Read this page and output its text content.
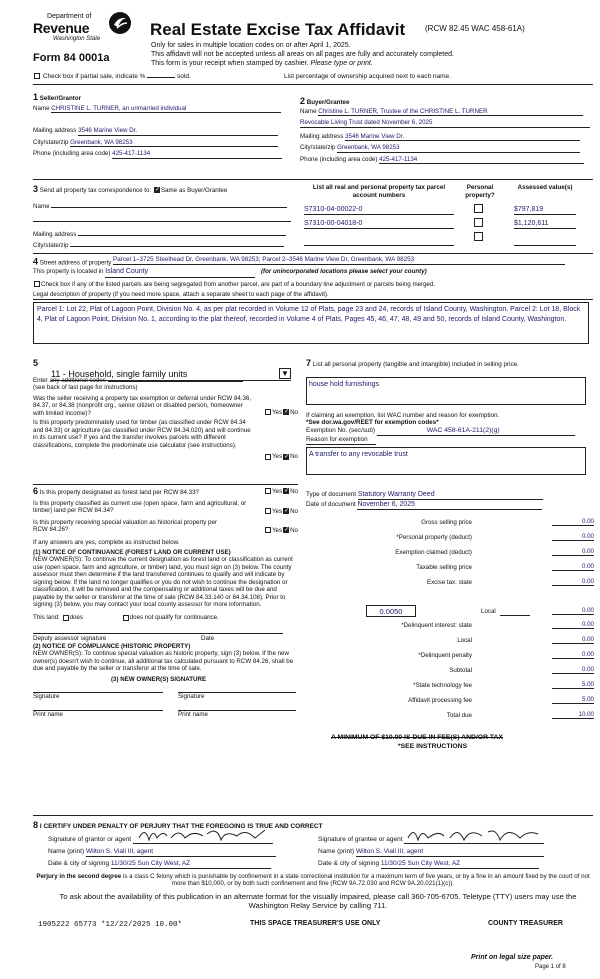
Department of
Revenue
Washington State
Form 84 0001a
Real Estate Excise Tax Affidavit (RCW 82.45 WAC 458-61A)
Only for sales in multiple location codes on or after April 1, 2025.
This affidavit will not be accepted unless all areas on all pages are fully and accurately completed.
This form is your receipt when stamped by cashier. Please type or print.
Check box if partial sale, indicate %	sold.	List percentage of ownership acquired next to each name.
1 Seller/Grantor
Name CHRISTINE L. TURNER, an unmarried individual
Mailing address 3546 Marine View Dr.
City/state/zip Greenbank, WA 98253
Phone (including area code) 425-417-1134
2 Buyer/Grantee
Name Christine L. TURNER, Trustee of the CHRISTINE L. TURNER
Revocable Living Trust dated November 6, 2025
Mailing address 3546 Marine View Dr.
City/state/zip Greenbank, WA 98253
Phone (including area code) 425-417-1134
3 Send all property tax correspondence to: ✓ Same as Buyer/Grantee
Name
Mailing address
City/state/zip
List all real and personal property tax parcel account numbers
Personal property?
Assessed value(s)
S7310-04-00022-0	$797,819
S7310-00-04018-0	$1,120,611
4 Street address of property Parcel 1–3725 Steelhead Dr, Greenbank, WA 98253; Parcel 2–3546 Marine View Dr, Greenbank, WA 98253
This property is located in Island County	(for unincorporated locations please select your county)
Check box if any of the listed parcels are being segregated from another parcel, are part of a boundary line adjustment or parcels being merged.
Legal description of property (if you need more space, attach a separate sheet to each page of the affidavit).
Parcel 1: Lot 22, Plat of Lagoon Point, Division No. 4, as per plat recorded in Volume 12 of Plats, page 23 and 24, records of Island County, Washington. Parcel 2: Lot 18, Block 4, Plat of Lagoon Point, Division No. 1, according to the plat thereof, recorded in Volume 4 of Plats, Pages 45, 46, 47, 48, 49 and 50, records of Island County, Washington.
5 11 - Household, single family units	▼
Enter any additional codes
(see back of last page for instructions)
Was the seller receiving a property tax exemption or deferral under RCW 84.36, 84.37, or 84.38 (nonprofit org., senior citizen or disabled person, homeowner with limited income)?	Yes ✓ No
Is this property predominately used for timber (as classified under RCW 84.34 and 84.33) or agriculture (as classified under RCW 84.34.020) and will continue in its current use? If yes and the transfer involves parcels with different classifications, complete the predominate use calculator (see instructions).
Yes ✓ No
6 Is this property designated as forest land per RCW 84.33?	Yes ✓ No
Is this property classified as current use (open space, farm and agricultural, or timber) land per RCW 84.34?	Yes ✓ No
Is this property receiving special valuation as historical property per RCW 84.26?	Yes ✓ No
If any answers are yes, complete as instructed below.
(1) NOTICE OF CONTINUANCE (FOREST LAND OR CURRENT USE)
NEW OWNER(S): To continue the current designation as forest land or classification as current use (open space, farm and agriculture, or timber) land, you must sign on (3) below. The county assessor must then determine if the land transferred continues to qualify and will indicate by signing below. If the land no longer qualifies or you do not wish to continue the designation or classification, it will be removed and the compensating or additional taxes will be due and payable by the seller or transferor at the time of sale (RCW 84.33.140 or 84.34.108). Prior to signing (3) below, you may contact your local county assessor for more information.
This land: does	does not qualify for continuance.
Deputy assessor signature	Date
(2) NOTICE OF COMPLIANCE (HISTORIC PROPERTY)
NEW OWNER(S): To continue special valuation as historic property, sign (3) below. If the new owner(s) doesn't wish to continue, all additional tax calculated pursuant to RCW 84.26, shall be due and payable by the seller or transferor at the time of sale.
(3) NEW OWNER(S) SIGNATURE
Signature	Signature
Print name	Print name
7 List all personal property (tangible and intangible) included in selling price.
house hold furnishings
If claiming an exemption, list WAC number and reason for exemption.
*See dor.wa.gov/REET for exemption codes*
Exemption No. (sec/sub)	WAC 458-61A-211(2)(g)
Reason for exemption
A transfer to any revocable trust
Type of document Statutory Warranty Deed
Date of document November 6, 2025
Gross selling price	0.00
*Personal property (deduct)	0.00
Exemption claimed (deduct)	0.00
Taxable selling price	0.00
Excise tax: state	0.00
0.0050	Local	0.00
*Delinquent interest: state	0.00
Local	0.00
*Delinquent penalty	0.00
Subtotal	0.00
*State technology fee	5.00
Affidavit processing fee	5.00
Total due	10.00
A MINIMUM OF $10.00 IS DUE IN FEE(S) AND/OR TAX
*SEE INSTRUCTIONS
8 I CERTIFY UNDER PENALTY OF PERJURY THAT THE FOREGOING IS TRUE AND CORRECT
Signature of grantor or agent	Signature of grantee or agent
Name (print) Wilton S. Viall III, agent	Name (print) Wilton S. Viall III, agent
Date & city of signing 11/30/25 Sun City West, AZ	Date & city of signing 11/30/25 Sun City West, AZ
Perjury in the second degree is a class C felony which is punishable by confinement in a state correctional institution for a maximum term of five years, or by a fine in an amount fixed by the court of not more than $10,000, or by both such confinement and fine (RCW 9A.72.030 and RCW 9A.20.021(1)(c)).
To ask about the availability of this publication in an alternate format for the visually impaired, please call 360-705-6705. Teletype (TTY) users may use the Washington Relay Service by calling 711.
1905222 65773 *12/22/2025 10.00*	THIS SPACE TREASURER'S USE ONLY	COUNTY TREASURER
Print on legal size paper.
Page 1 of 8
